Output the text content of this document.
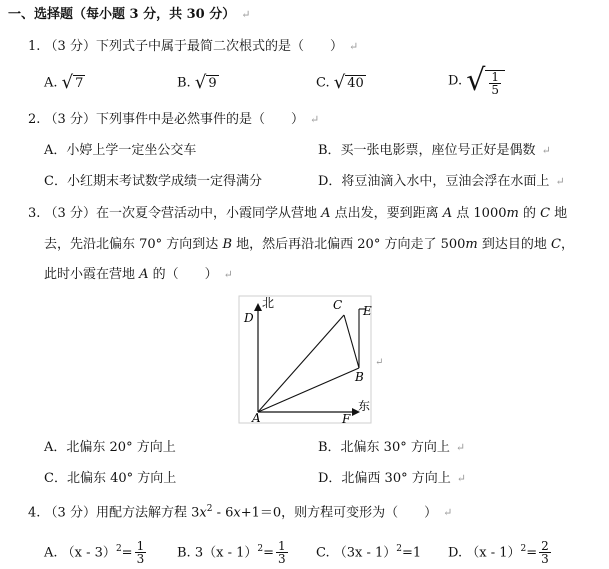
一、选择题（每小题 3 分，共 30 分） ↵
1. （3 分）下列式子中属于最简二次根式的是（　　） ↵
A. √ 7	B. √ 9	C. √ 40	D. √ $\frac{1}{5}$
2. （3 分）下列事件中是必然事件的是（　　） ↵
A．小婷上学一定坐公交车	B．买一张电影票，座位号正好是偶数 ↵
C．小红期末考试数学成绩一定得满分	D．将豆油滴入水中，豆油会浮在水面上 ↵
3. （3 分）在一次夏令营活动中，小霞同学从营地 A 点出发，要到距离 A 点 1000m 的 C 地
去，先沿北偏东 70° 方向到达 B 地，然后再沿北偏西 20° 方向走了 500m 到达目的地 C，
此时小霞在营地 A 的（　　） ↵
北
D
C E
B
A	F
东
↵
A．北偏东 20° 方向上	B．北偏东 30° 方向上 ↵
C．北偏东 40° 方向上	D．北偏西 30° 方向上 ↵
4. （3 分）用配方法解方程 $3x^2 - 6x+1=0$，则方程可变形为（　　） ↵
A. $(x - 3)^2= \frac{1}{3} B$. $3(x - 1)^2= \frac{1}{3} C$. （3x - 1）$^2$=1 D. $(x - 1)^2= \frac{2}{3}$
